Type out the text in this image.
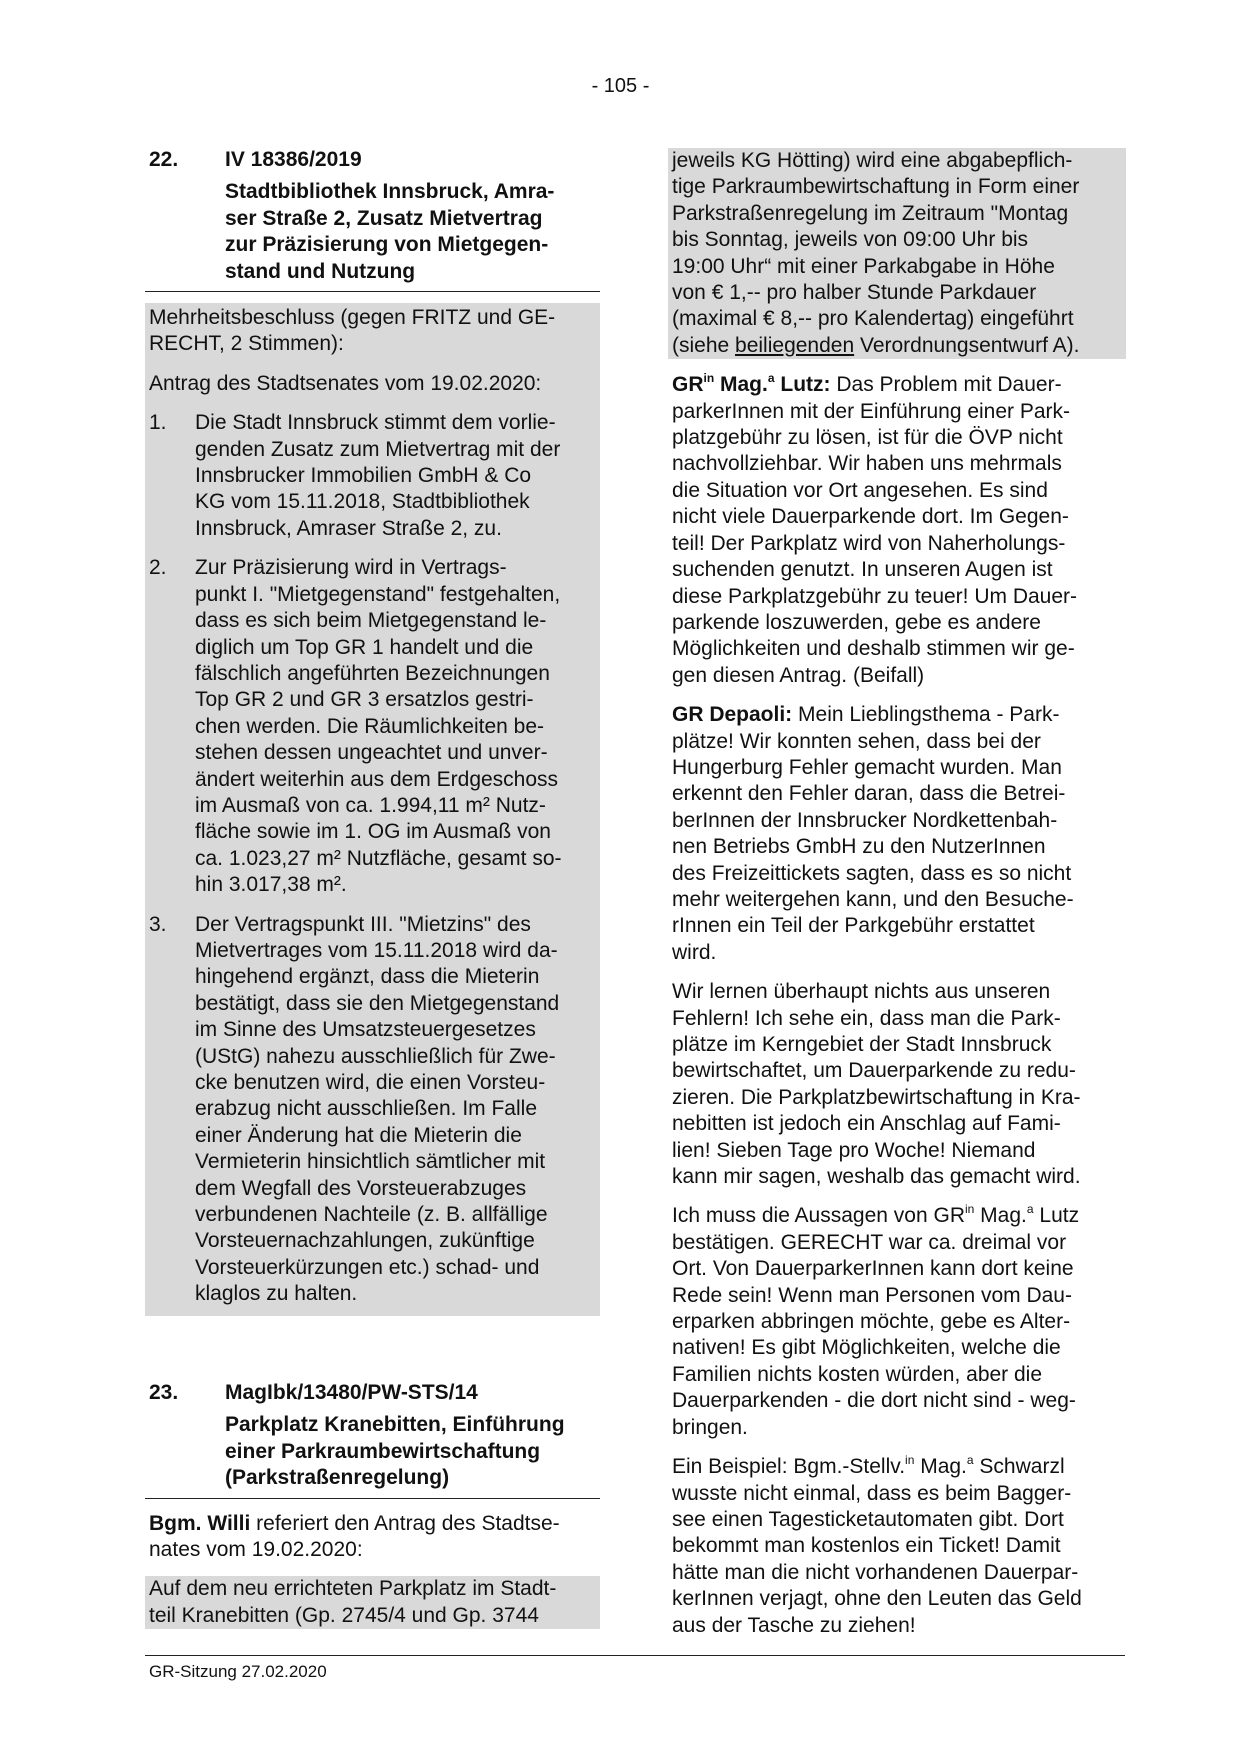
- 105 -
22.	IV 18386/2019
Stadtbibliothek Innsbruck, Amra-
ser Straße 2, Zusatz Mietvertrag
zur Präzisierung von Mietgegen-
stand und Nutzung

Mehrheitsbeschluss (gegen FRITZ und GE-
RECHT, 2 Stimmen):

Antrag des Stadtsenates vom 19.02.2020:

1.	Die Stadt Innsbruck stimmt dem vorlie-
genden Zusatz zum Mietvertrag mit der
Innsbrucker Immobilien GmbH & Co
KG vom 15.11.2018, Stadtbibliothek
Innsbruck, Amraser Straße 2, zu.
2.	Zur Präzisierung wird in Vertrags-
punkt I. "Mietgegenstand" festgehalten,
dass es sich beim Mietgegenstand le-
diglich um Top GR 1 handelt und die
fälschlich angeführten Bezeichnungen
Top GR 2 und GR 3 ersatzlos gestri-
chen werden. Die Räumlichkeiten be-
stehen dessen ungeachtet und unver-
ändert weiterhin aus dem Erdgeschoss
im Ausmaß von ca. 1.994,11 m² Nutz-
fläche sowie im 1. OG im Ausmaß von
ca. 1.023,27 m² Nutzfläche, gesamt so-
hin 3.017,38 m².
3.	Der Vertragspunkt III. "Mietzins" des
Mietvertrages vom 15.11.2018 wird da-
hingehend ergänzt, dass die Mieterin
bestätigt, dass sie den Mietgegenstand
im Sinne des Umsatzsteuergesetzes
(UStG) nahezu ausschließlich für Zwe-
cke benutzen wird, die einen Vorsteu-
erabzug nicht ausschließen. Im Falle
einer Änderung hat die Mieterin die
Vermieterin hinsichtlich sämtlicher mit
dem Wegfall des Vorsteuerabzuges
verbundenen Nachteile (z. B. allfällige
Vorsteuernachzahlungen, zukünftige
Vorsteuerkürzungen etc.) schad- und
klaglos zu halten.
23.	MagIbk/13480/PW-STS/14
Parkplatz Kranebitten, Einführung
einer Parkraumbewirtschaftung
(Parkstraßenregelung)

Bgm. Willi referiert den Antrag des Stadtse-
nates vom 19.02.2020:

Auf dem neu errichteten Parkplatz im Stadt-
teil Kranebitten (Gp. 2745/4 und Gp. 3744

jeweils KG Hötting) wird eine abgabepflich-
tige Parkraumbewirtschaftung in Form einer
Parkstraßenregelung im Zeitraum "Montag
bis Sonntag, jeweils von 09:00 Uhr bis
19:00 Uhr“ mit einer Parkabgabe in Höhe
von € 1,-- pro halber Stunde Parkdauer
(maximal € 8,-- pro Kalendertag) eingeführt
(siehe beiliegenden Verordnungsentwurf A).

$GR^{in}$ Mag.$^a$ Lutz: Das Problem mit Dauer-
parkerInnen mit der Einführung einer Park-
platzgebühr zu lösen, ist für die ÖVP nicht
nachvollziehbar. Wir haben uns mehrmals
die Situation vor Ort angesehen. Es sind
nicht viele Dauerparkende dort. Im Gegen-
teil! Der Parkplatz wird von Naherholungs-
suchenden genutzt. In unseren Augen ist
diese Parkplatzgebühr zu teuer! Um Dauer-
parkende loszuwerden, gebe es andere
Möglichkeiten und deshalb stimmen wir ge-
gen diesen Antrag. (Beifall)

GR Depaoli: Mein Lieblingsthema - Park-
plätze! Wir konnten sehen, dass bei der
Hungerburg Fehler gemacht wurden. Man
erkennt den Fehler daran, dass die Betrei-
berInnen der Innsbrucker Nordkettenbah-
nen Betriebs GmbH zu den NutzerInnen
des Freizeittickets sagten, dass es so nicht
mehr weitergehen kann, und den Besuche-
rInnen ein Teil der Parkgebühr erstattet
wird.

Wir lernen überhaupt nichts aus unseren
Fehlern! Ich sehe ein, dass man die Park-
plätze im Kerngebiet der Stadt Innsbruck
bewirtschaftet, um Dauerparkende zu redu-
zieren. Die Parkplatzbewirtschaftung in Kra-
nebitten ist jedoch ein Anschlag auf Fami-
lien! Sieben Tage pro Woche! Niemand
kann mir sagen, weshalb das gemacht wird.

Ich muss die Aussagen von $GR^{in}$ Mag.$^a$ Lutz
bestätigen. GERECHT war ca. dreimal vor
Ort. Von DauerparkerInnen kann dort keine
Rede sein! Wenn man Personen vom Dau-
erparken abbringen möchte, gebe es Alter-
nativen! Es gibt Möglichkeiten, welche die
Familien nichts kosten würden, aber die
Dauerparkenden - die dort nicht sind - weg-
bringen.

Ein Beispiel: Bgm.-Stellv.$^{in}$ Mag.$^a$ Schwarzl
wusste nicht einmal, dass es beim Bagger-
see einen Tagesticketautomaten gibt. Dort
bekommt man kostenlos ein Ticket! Damit
hätte man die nicht vorhandenen Dauerpar-
kerInnen verjagt, ohne den Leuten das Geld
aus der Tasche zu ziehen!

GR-Sitzung 27.02.2020
